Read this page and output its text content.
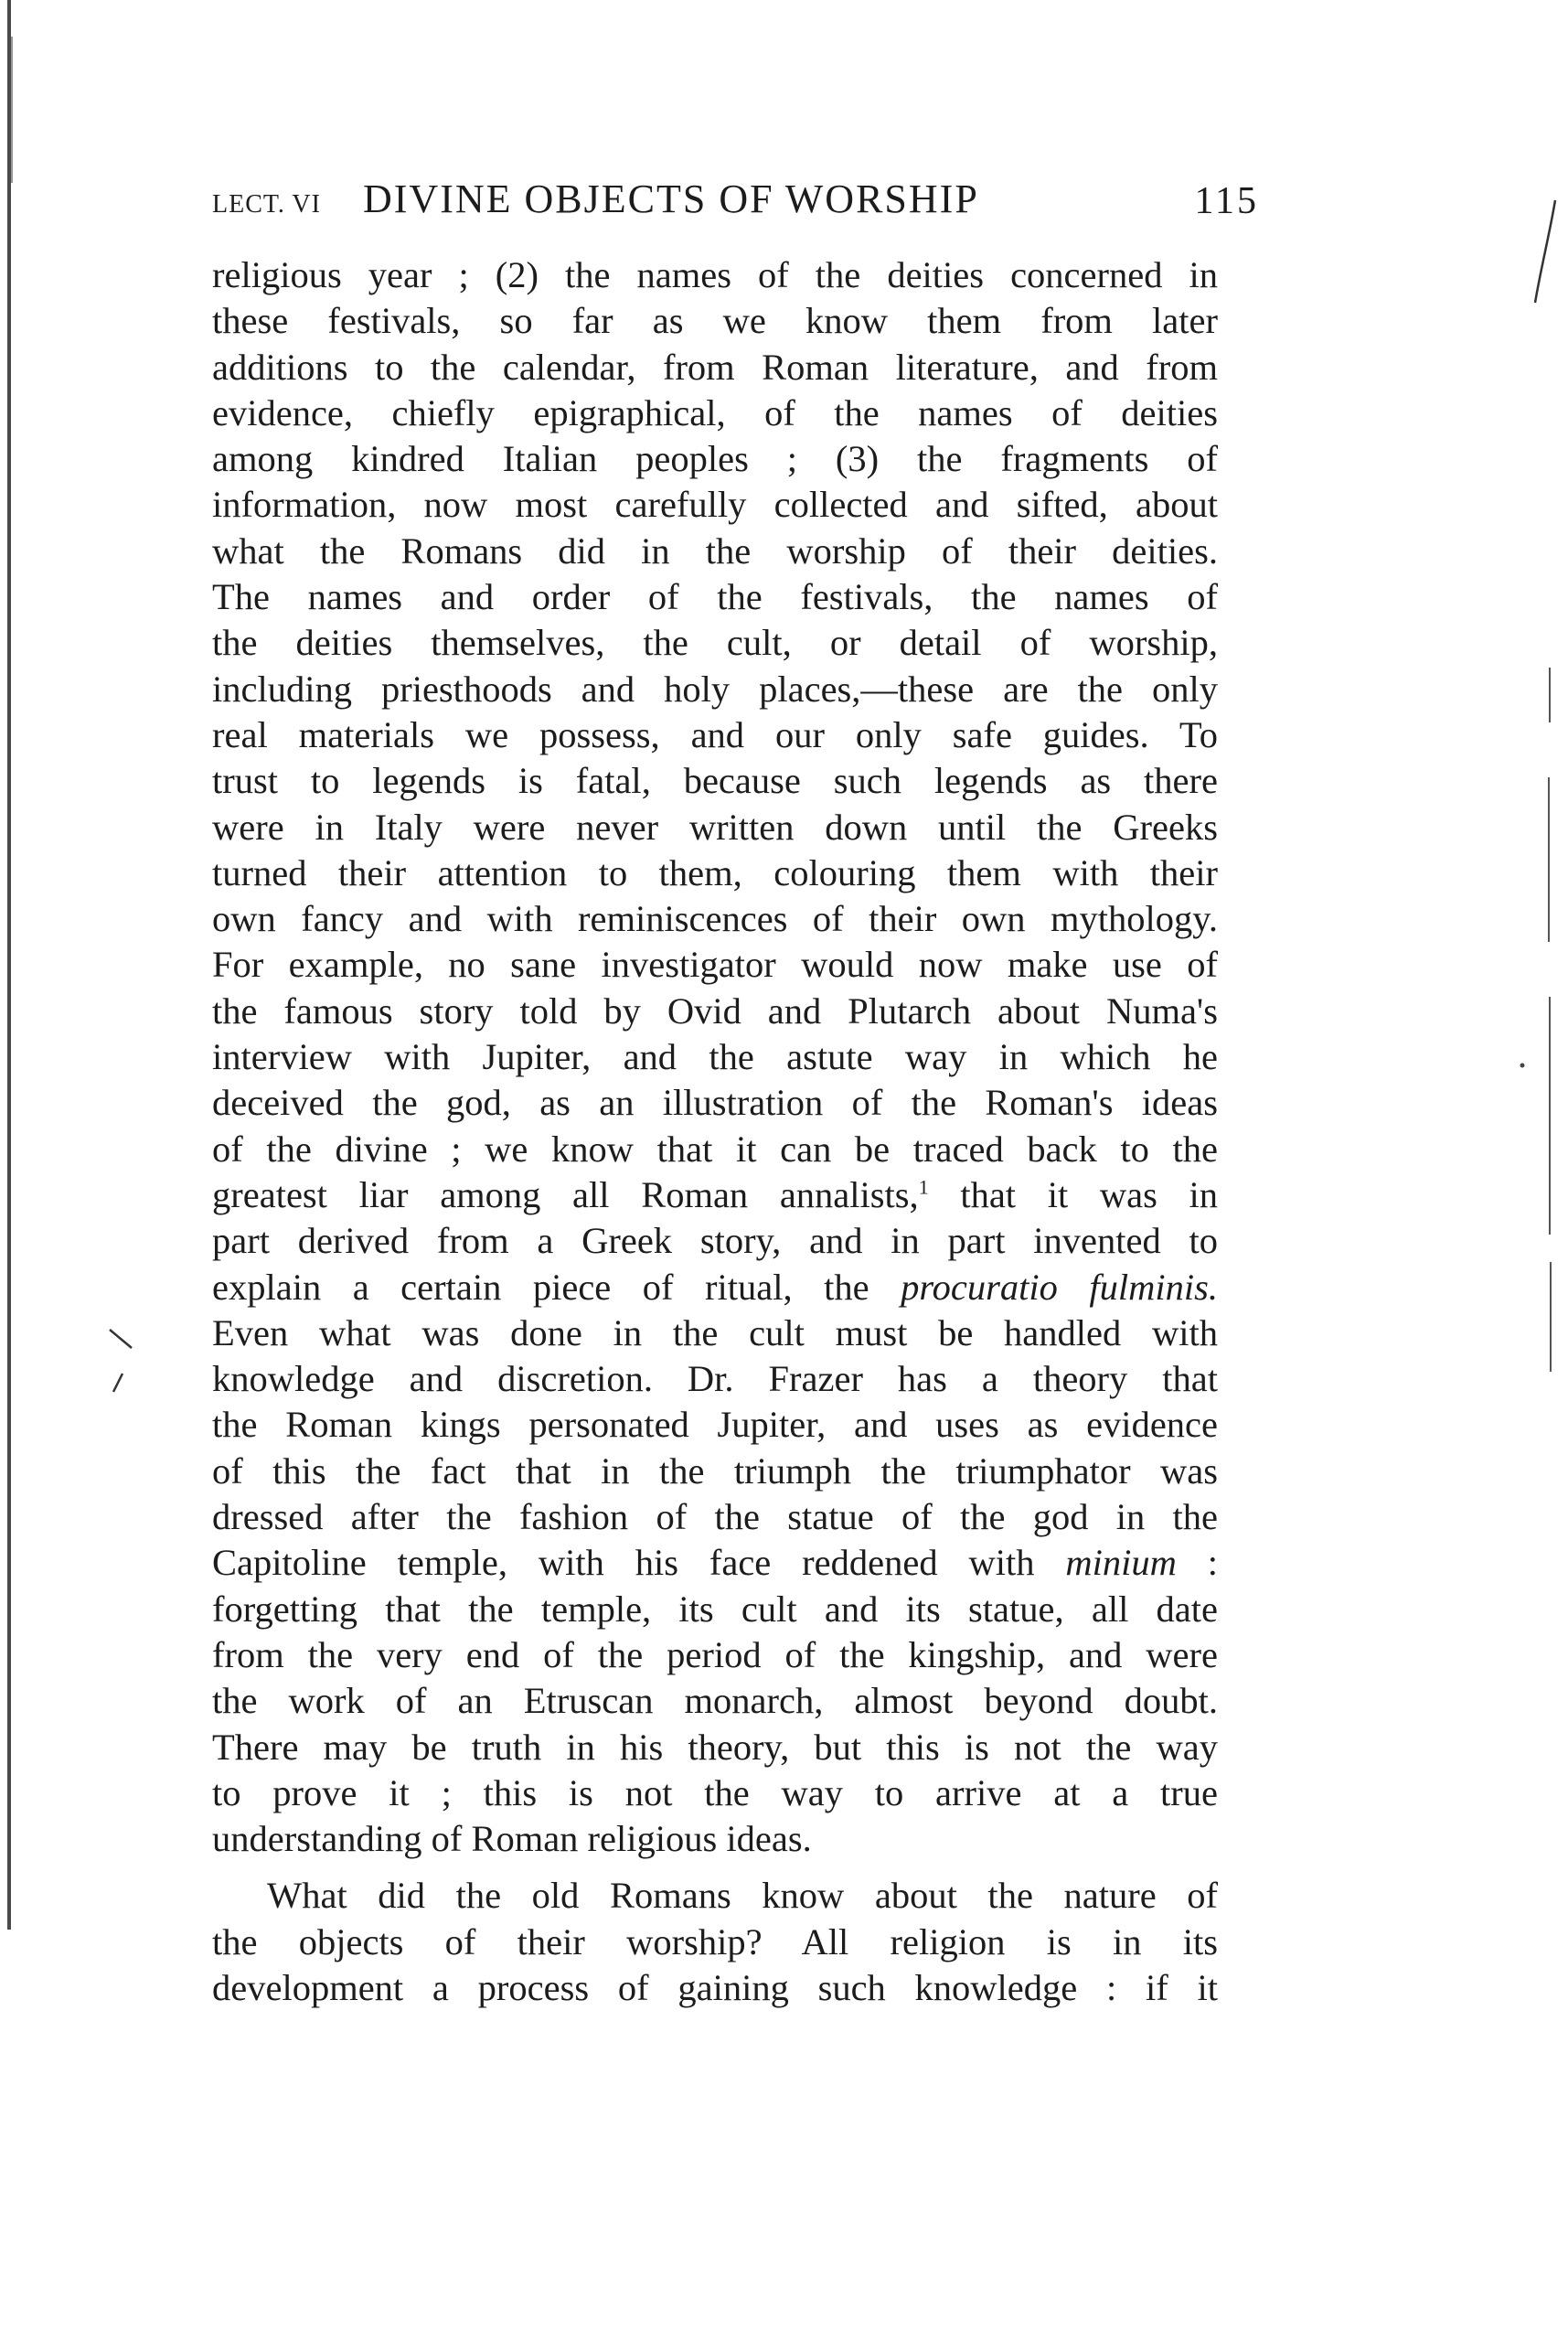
LECT. VI DIVINE OBJECTS OF WORSHIP	115
religious year ; (2) the names of the deities concerned in
these festivals, so far as we know them from later
additions to the calendar, from Roman literature, and from
evidence, chiefly epigraphical, of the names of deities
among kindred Italian peoples ; (3) the fragments of
information, now most carefully collected and sifted, about
what the Romans did in the worship of their deities.
The names and order of the festivals, the names of
the deities themselves, the cult, or detail of worship,
including priesthoods and holy places,—these are the only
real materials we possess, and our only safe guides. To
trust to legends is fatal, because such legends as there
were in Italy were never written down until the Greeks
turned their attention to them, colouring them with their
own fancy and with reminiscences of their own mythology.
For example, no sane investigator would now make use of
the famous story told by Ovid and Plutarch about Numa's
interview with Jupiter, and the astute way in which he
deceived the god, as an illustration of the Roman's ideas
of the divine ; we know that it can be traced back to the
greatest liar among all Roman annalists,$^1$ that it was in
part derived from a Greek story, and in part invented to
explain a certain piece of ritual, the procuratio fulminis.
Even what was done in the cult must be handled with
knowledge and discretion. Dr. Frazer has a theory that
the Roman kings personated Jupiter, and uses as evidence
of this the fact that in the triumph the triumphator was
dressed after the fashion of the statue of the god in the
Capitoline temple, with his face reddened with minium :
forgetting that the temple, its cult and its statue, all date
from the very end of the period of the kingship, and were
the work of an Etruscan monarch, almost beyond doubt.
There may be truth in his theory, but this is not the way
to prove it ; this is not the way to arrive at a true
understanding of Roman religious ideas.
What did the old Romans know about the nature of
the objects of their worship? All religion is in its
development a process of gaining such knowledge : if it
